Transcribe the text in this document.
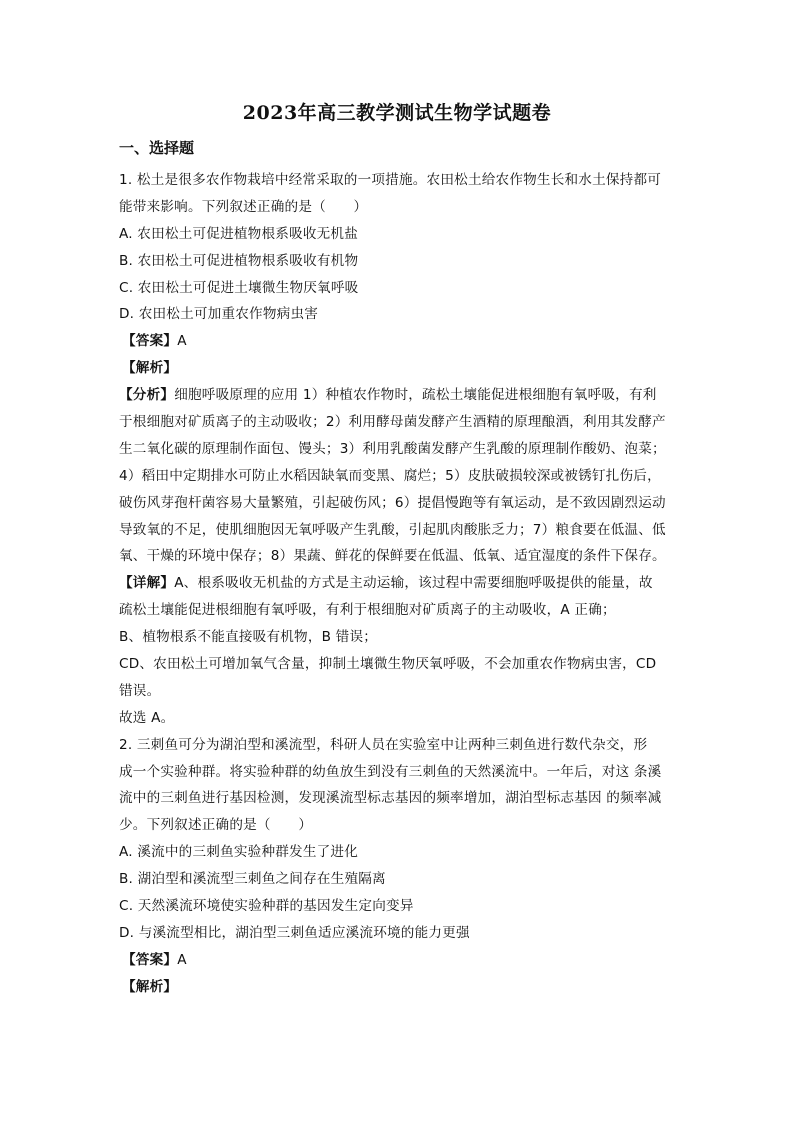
2023年高三教学测试生物学试题卷
一、选择题
1. 松土是很多农作物栽培中经常采取的一项措施。农田松土给农作物生长和水土保持都可
能带来影响。下列叙述正确的是（　　）
A. 农田松土可促进植物根系吸收无机盐
B. 农田松土可促进植物根系吸收有机物
C. 农田松土可促进土壤微生物厌氧呼吸
D. 农田松土可加重农作物病虫害
【答案】A
【解析】
【分析】细胞呼吸原理的应用 1）种植农作物时，疏松土壤能促进根细胞有氧呼吸，有利
于根细胞对矿质离子的主动吸收；2）利用酵母菌发酵产生酒精的原理酿酒，利用其发酵产
生二氧化碳的原理制作面包、馒头；3）利用乳酸菌发酵产生乳酸的原理制作酸奶、泡菜；
4）稻田中定期排水可防止水稻因缺氧而变黑、腐烂；5）皮肤破损较深或被锈钉扎伤后，
破伤风芽孢杆菌容易大量繁殖，引起破伤风；6）提倡慢跑等有氧运动，是不致因剧烈运动
导致氧的不足，使肌细胞因无氧呼吸产生乳酸，引起肌肉酸胀乏力；7）粮食要在低温、低
氧、干燥的环境中保存；8）果蔬、鲜花的保鲜要在低温、低氧、适宜湿度的条件下保存。
【详解】A、根系吸收无机盐的方式是主动运输，该过程中需要细胞呼吸提供的能量，故
疏松土壤能促进根细胞有氧呼吸，有利于根细胞对矿质离子的主动吸收，A 正确；
B、植物根系不能直接吸有机物，B 错误；
CD、农田松土可增加氧气含量，抑制土壤微生物厌氧呼吸，不会加重农作物病虫害，CD
错误。
故选 A。
2. 三刺鱼可分为湖泊型和溪流型，科研人员在实验室中让两种三刺鱼进行数代杂交，形
成一个实验种群。将实验种群的幼鱼放生到没有三刺鱼的天然溪流中。一年后，对这 条溪
流中的三刺鱼进行基因检测，发现溪流型标志基因的频率增加，湖泊型标志基因 的频率减
少。下列叙述正确的是（　　）
A. 溪流中的三刺鱼实验种群发生了进化
B. 湖泊型和溪流型三刺鱼之间存在生殖隔离
C. 天然溪流环境使实验种群的基因发生定向变异
D. 与溪流型相比，湖泊型三刺鱼适应溪流环境的能力更强
【答案】A
【解析】
